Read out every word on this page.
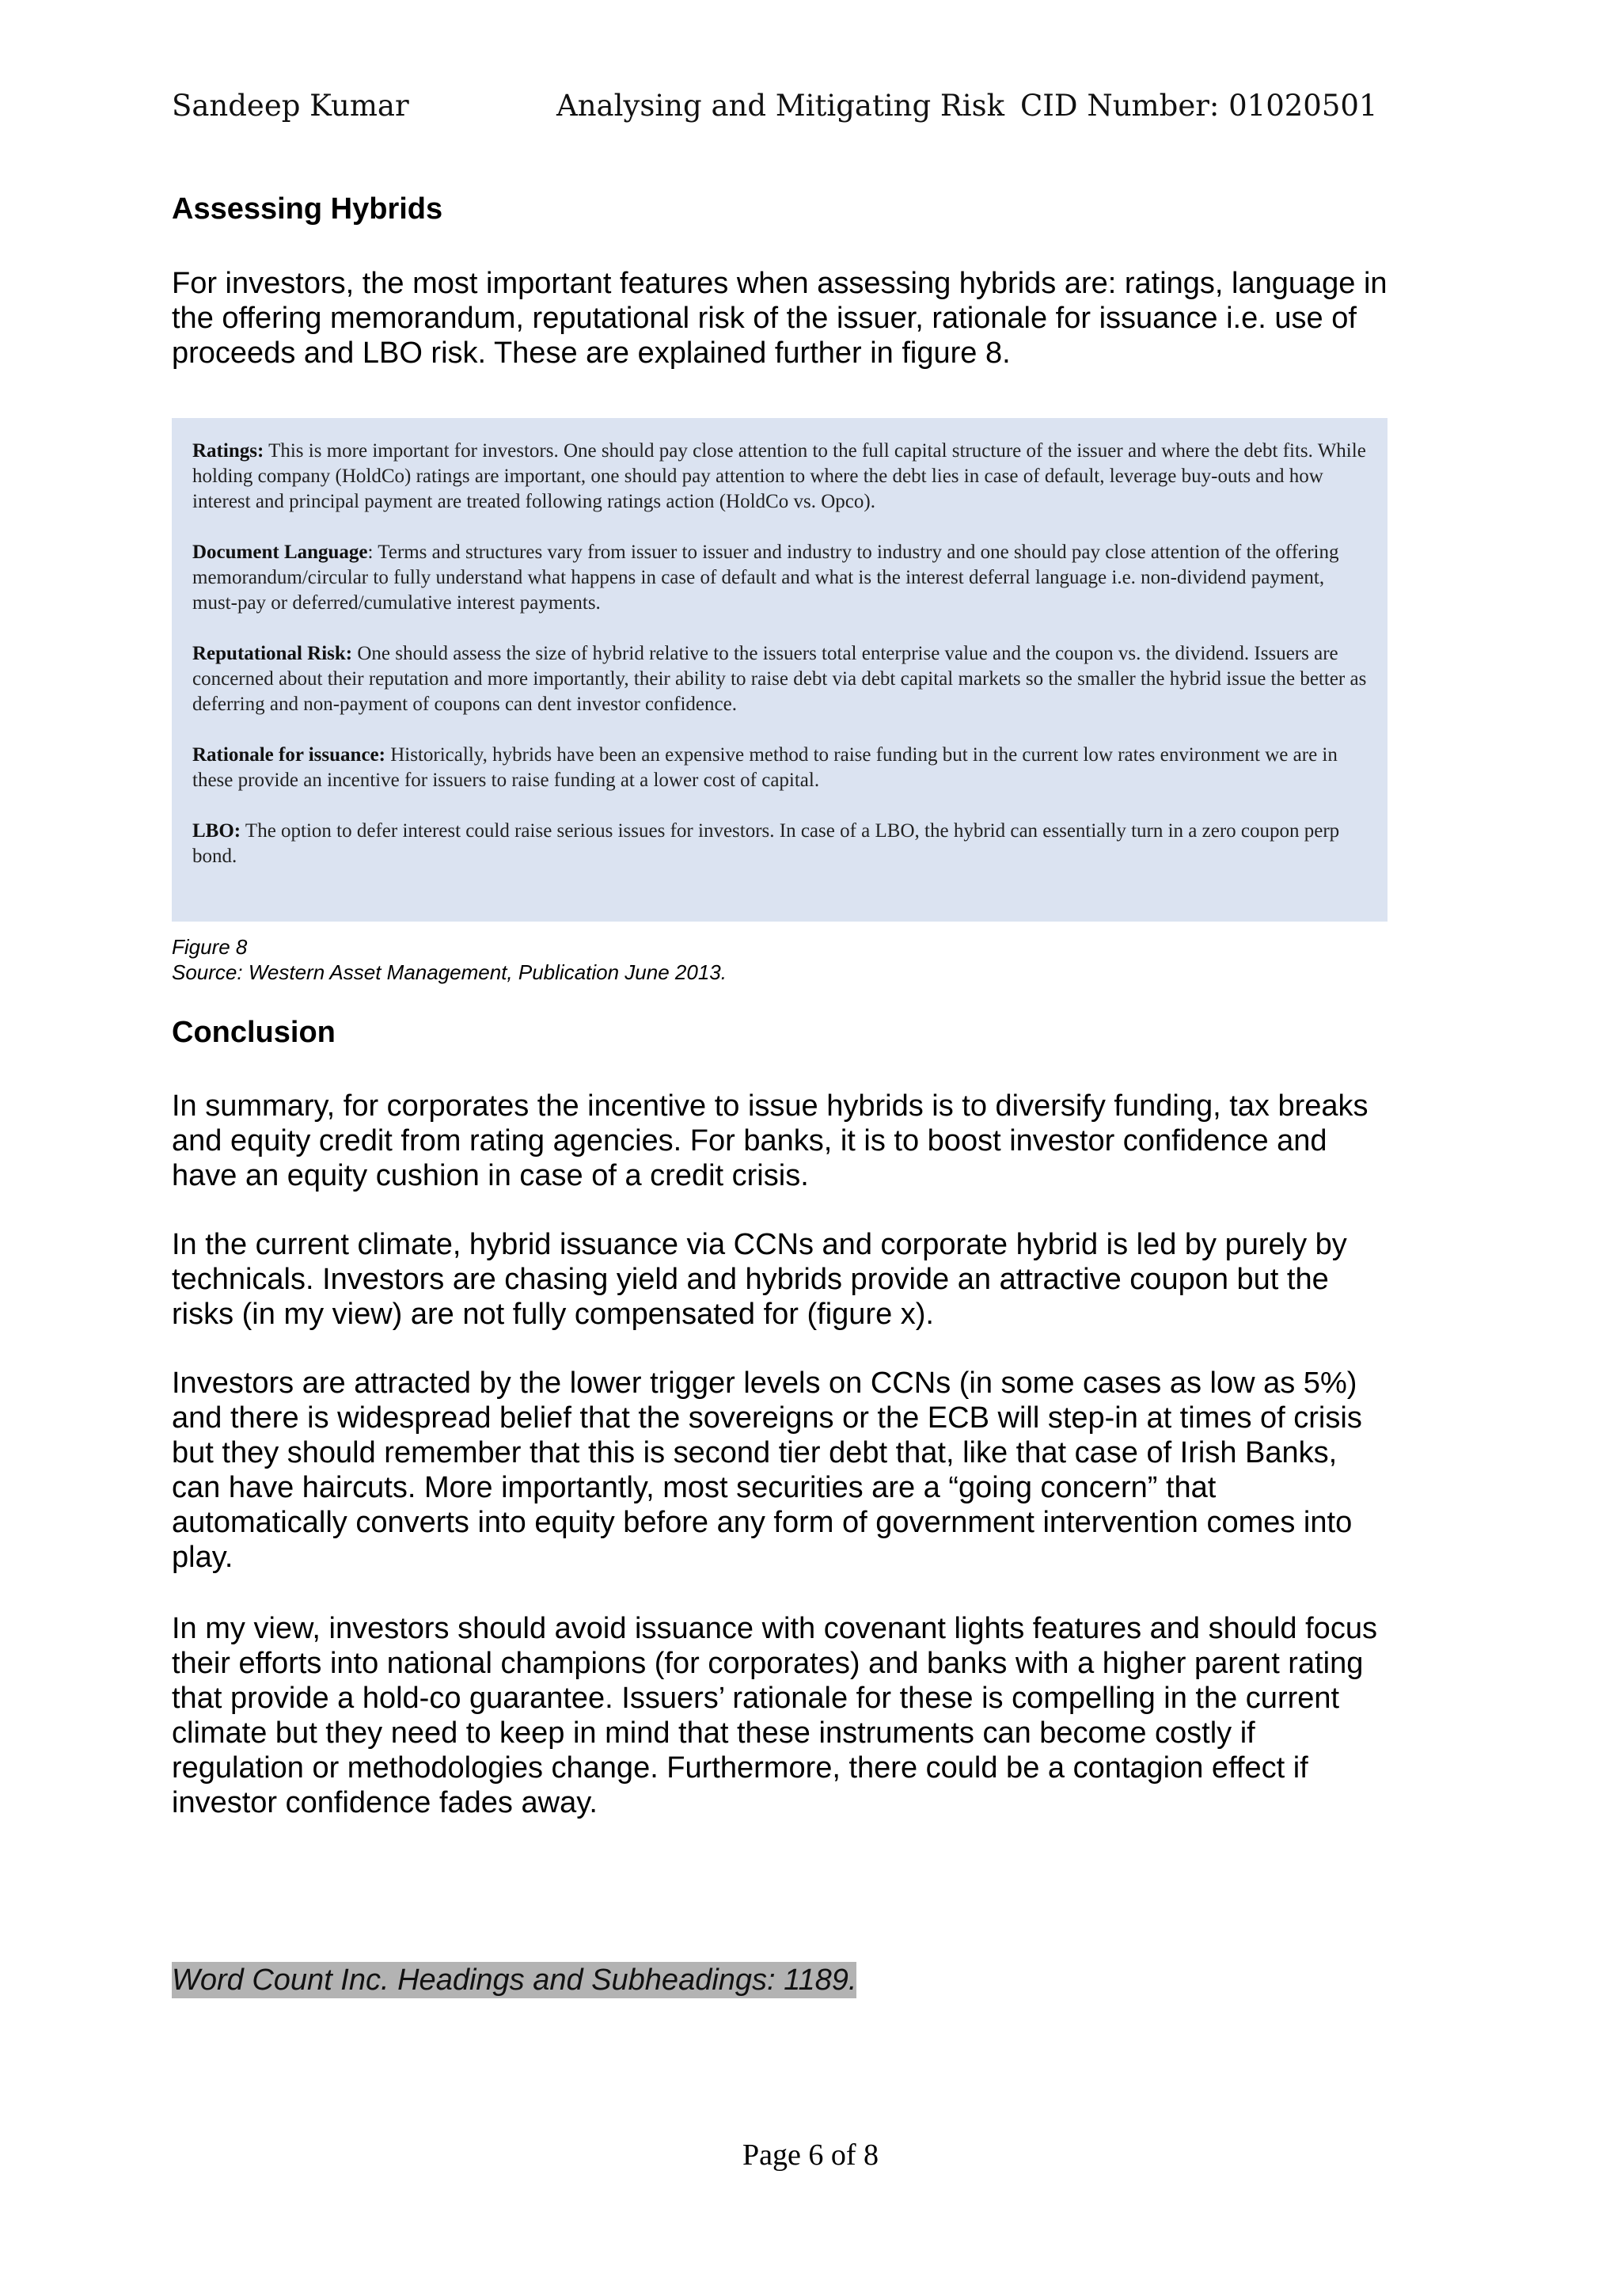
Sandeep Kumar	Analysing and Mitigating Risk CID Number: 01020501
Assessing Hybrids

For investors, the most important features when assessing hybrids are: ratings, language in the offering memorandum, reputational risk of the issuer, rationale for issuance i.e. use of proceeds and LBO risk. These are explained further in figure 8.

Ratings: This is more important for investors. One should pay close attention to the full capital structure of the issuer and where the debt fits. While holding company (HoldCo) ratings are important, one should pay attention to where the debt lies in case of default, leverage buy-outs and how interest and principal payment are treated following ratings action (HoldCo vs. Opco).

Document Language: Terms and structures vary from issuer to issuer and industry to industry and one should pay close attention of the offering memorandum/circular to fully understand what happens in case of default and what is the interest deferral language i.e. non-dividend payment, must-pay or deferred/cumulative interest payments.

Reputational Risk: One should assess the size of hybrid relative to the issuers total enterprise value and the coupon vs. the dividend. Issuers are concerned about their reputation and more importantly, their ability to raise debt via debt capital markets so the smaller the hybrid issue the better as deferring and non-payment of coupons can dent investor confidence.

Rationale for issuance: Historically, hybrids have been an expensive method to raise funding but in the current low rates environment we are in these provide an incentive for issuers to raise funding at a lower cost of capital.

LBO: The option to defer interest could raise serious issues for investors. In case of a LBO, the hybrid can essentially turn in a zero coupon perp bond.

Figure 8
Source: Western Asset Management, Publication June 2013.
Conclusion

In summary, for corporates the incentive to issue hybrids is to diversify funding, tax breaks and equity credit from rating agencies. For banks, it is to boost investor confidence and have an equity cushion in case of a credit crisis.

In the current climate, hybrid issuance via CCNs and corporate hybrid is led by purely by technicals. Investors are chasing yield and hybrids provide an attractive coupon but the risks (in my view) are not fully compensated for (figure x).

Investors are attracted by the lower trigger levels on CCNs (in some cases as low as 5%) and there is widespread belief that the sovereigns or the ECB will step-in at times of crisis but they should remember that this is second tier debt that, like that case of Irish Banks, can have haircuts. More importantly, most securities are a “going concern” that automatically converts into equity before any form of government intervention comes into play.

In my view, investors should avoid issuance with covenant lights features and should focus their efforts into national champions (for corporates) and banks with a higher parent rating that provide a hold-co guarantee. Issuers’ rationale for these is compelling in the current climate but they need to keep in mind that these instruments can become costly if regulation or methodologies change. Furthermore, there could be a contagion effect if investor confidence fades away.

Word Count Inc. Headings and Subheadings: 1189.
Page 6 of 8
